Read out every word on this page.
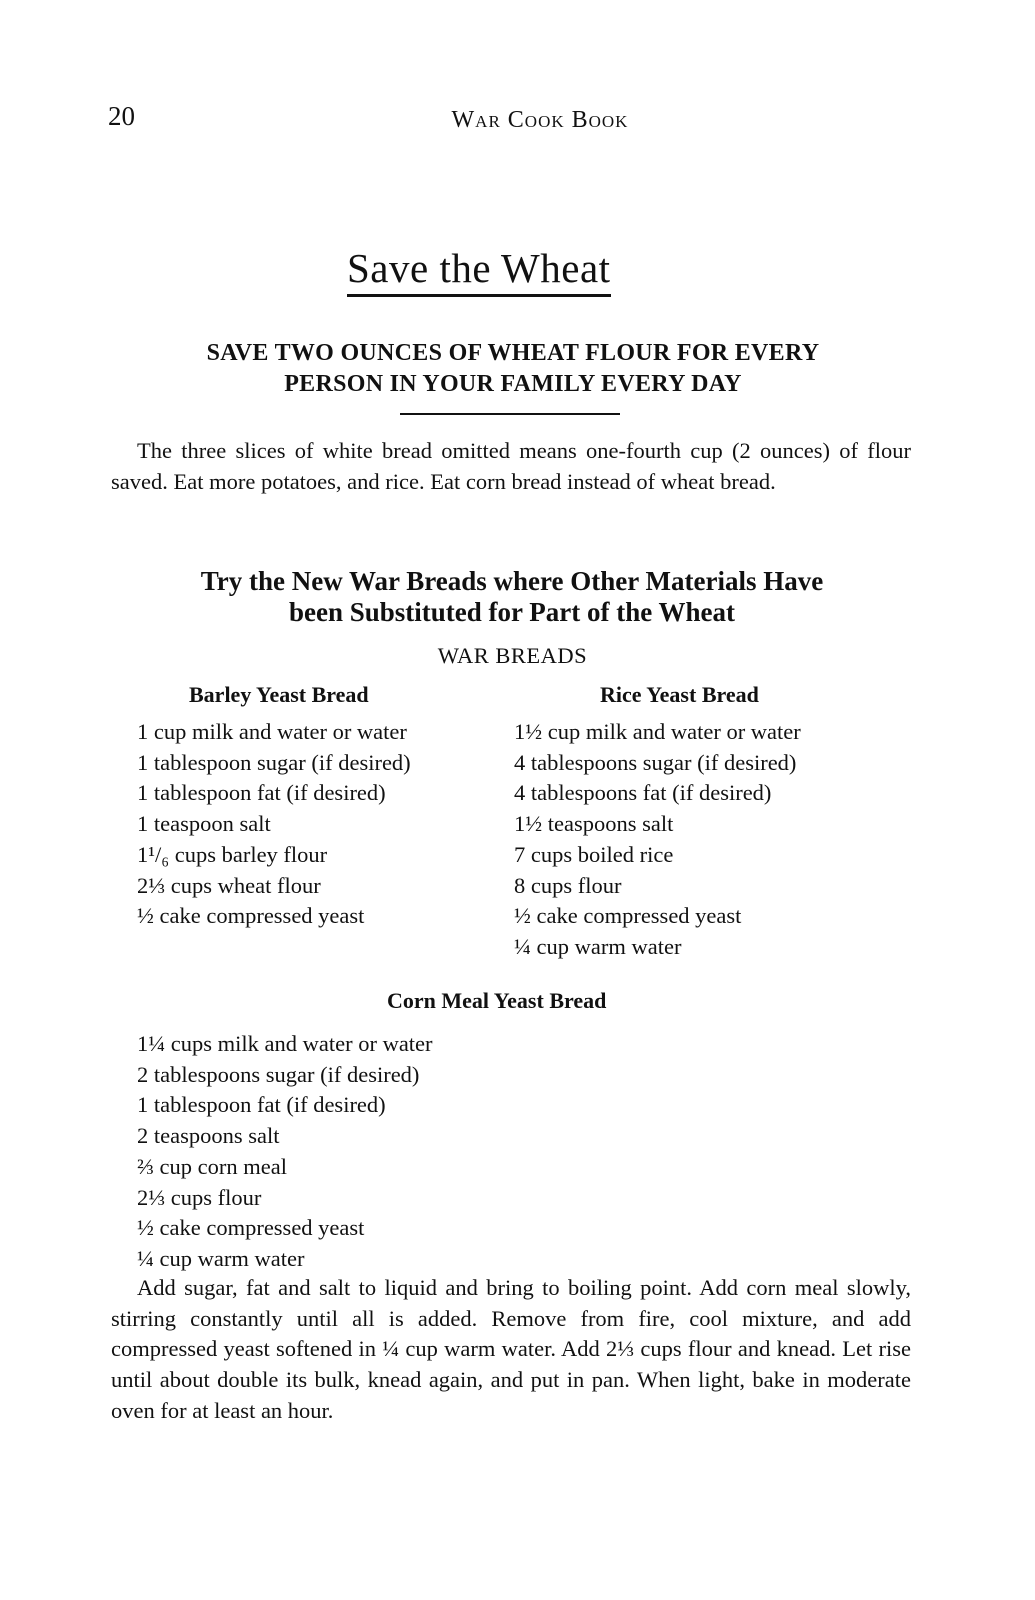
20	War Cook Book
Save the Wheat
SAVE TWO OUNCES OF WHEAT FLOUR FOR EVERY
PERSON IN YOUR FAMILY EVERY DAY

The three slices of white bread omitted means one-fourth cup (2 ounces) of flour saved. Eat more potatoes, and rice. Eat corn bread instead of wheat bread.

Try the New War Breads where Other Materials Have
been Substituted for Part of the Wheat
WAR BREADS
Barley Yeast Bread
1 cup milk and water or water
1 tablespoon sugar (if desired)
1 tablespoon fat (if desired)
1 teaspoon salt
1¹/₆ cups barley flour
2⅓ cups wheat flour
½ cake compressed yeast
Rice Yeast Bread
1½ cup milk and water or water
4 tablespoons sugar (if desired)
4 tablespoons fat (if desired)
1½ teaspoons salt
7 cups boiled rice
8 cups flour
½ cake compressed yeast
¼ cup warm water
Corn Meal Yeast Bread
1¼ cups milk and water or water
2 tablespoons sugar (if desired)
1 tablespoon fat (if desired)
2 teaspoons salt
⅔ cup corn meal
2⅓ cups flour
½ cake compressed yeast
¼ cup warm water

Add sugar, fat and salt to liquid and bring to boiling point. Add corn meal slowly, stirring constantly until all is added. Remove from fire, cool mixture, and add compressed yeast softened in ¼ cup warm water. Add 2⅓ cups flour and knead. Let rise until about double its bulk, knead again, and put in pan. When light, bake in moderate oven for at least an hour.
